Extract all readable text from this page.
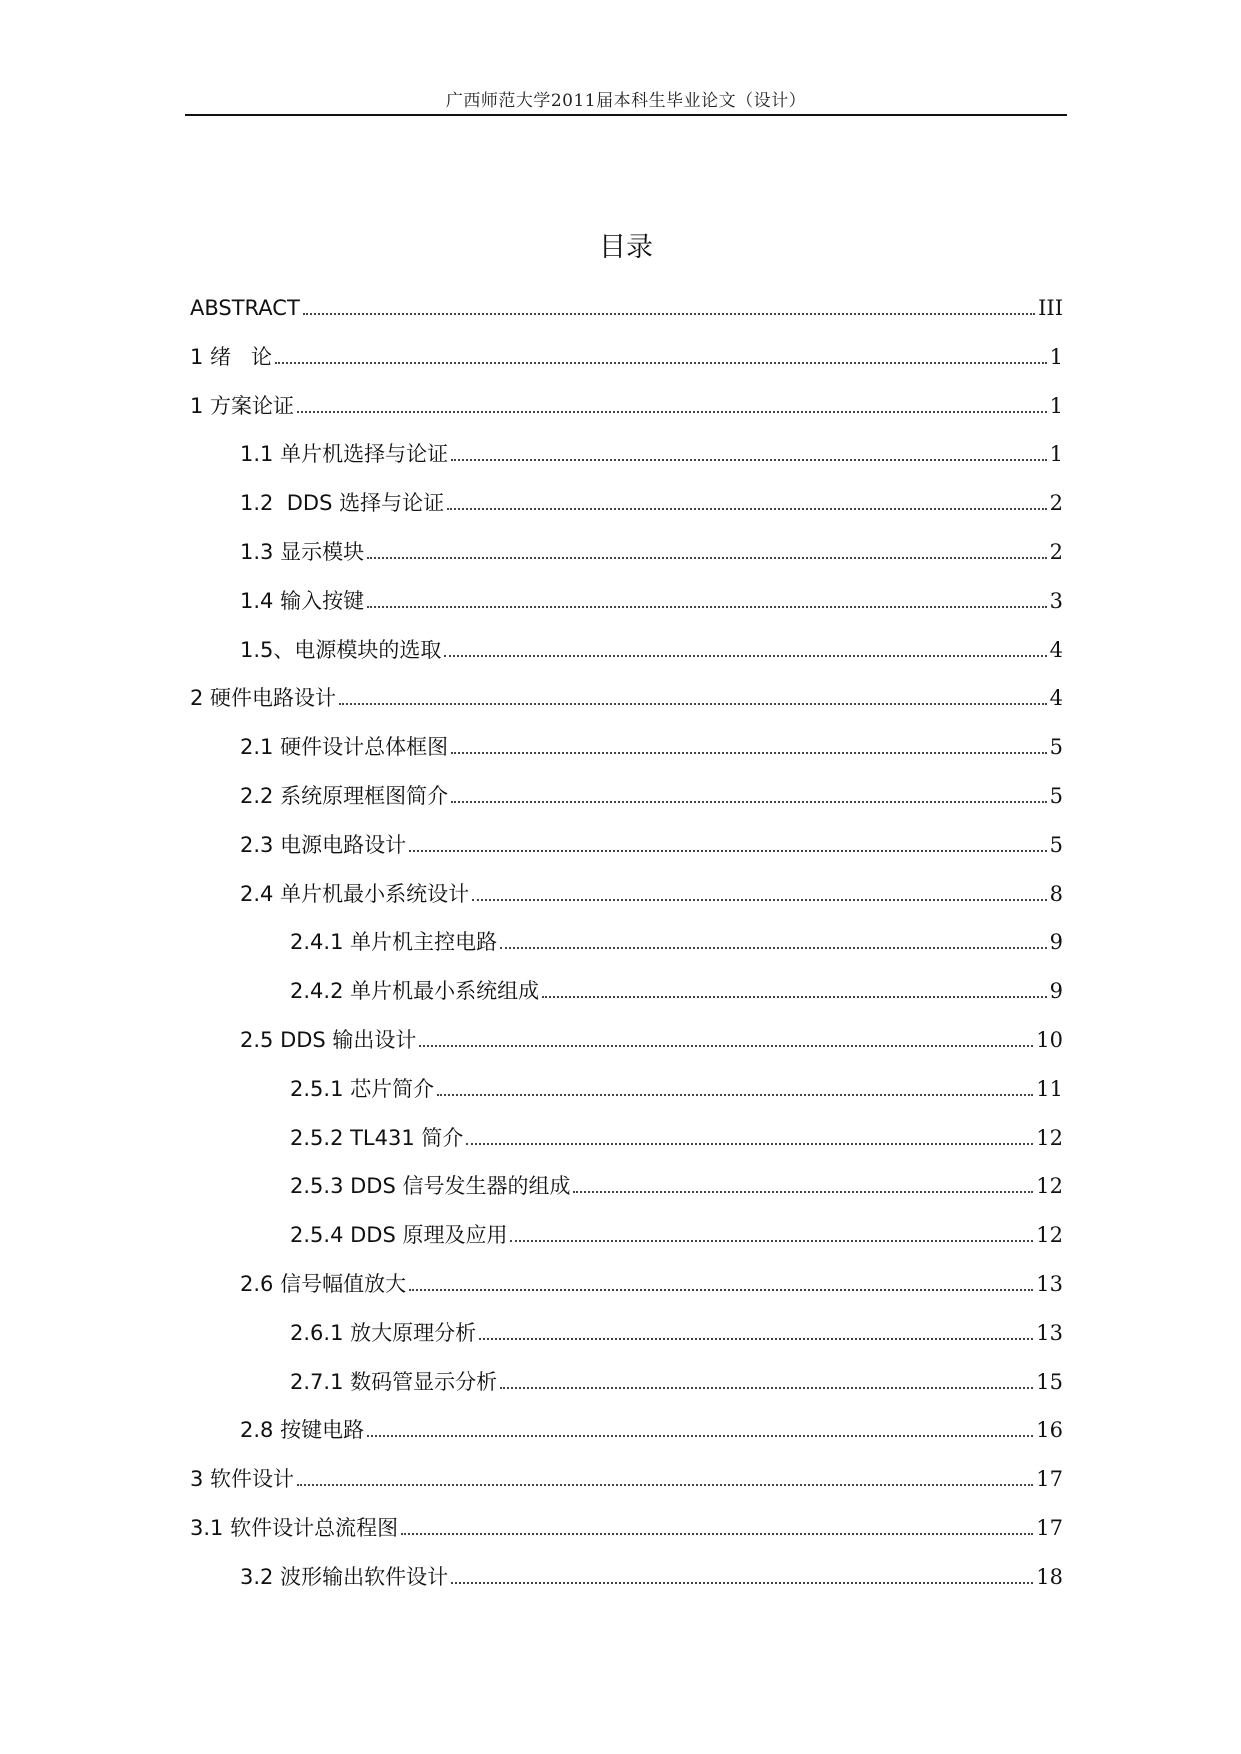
广西师范大学2011届本科生毕业论文（设计）
目录
ABSTRACT	III
1 绪   论	1
1 方案论证	1
1.1 单片机选择与论证	1
1.2  DDS 选择与论证	2
1.3 显示模块	2
1.4 输入按键	3
1.5、电源模块的选取	4
2 硬件电路设计	4
2.1 硬件设计总体框图	5
2.2 系统原理框图简介	5
2.3 电源电路设计	5
2.4 单片机最小系统设计	8
2.4.1 单片机主控电路	9
2.4.2 单片机最小系统组成	9
2.5 DDS 输出设计	10
2.5.1 芯片简介	11
2.5.2 TL431 简介	12
2.5.3 DDS 信号发生器的组成	12
2.5.4 DDS 原理及应用	12
2.6 信号幅值放大	13
2.6.1 放大原理分析	13
2.7.1 数码管显示分析	15
2.8 按键电路	16
3 软件设计	17
3.1 软件设计总流程图	17
3.2 波形输出软件设计	18
